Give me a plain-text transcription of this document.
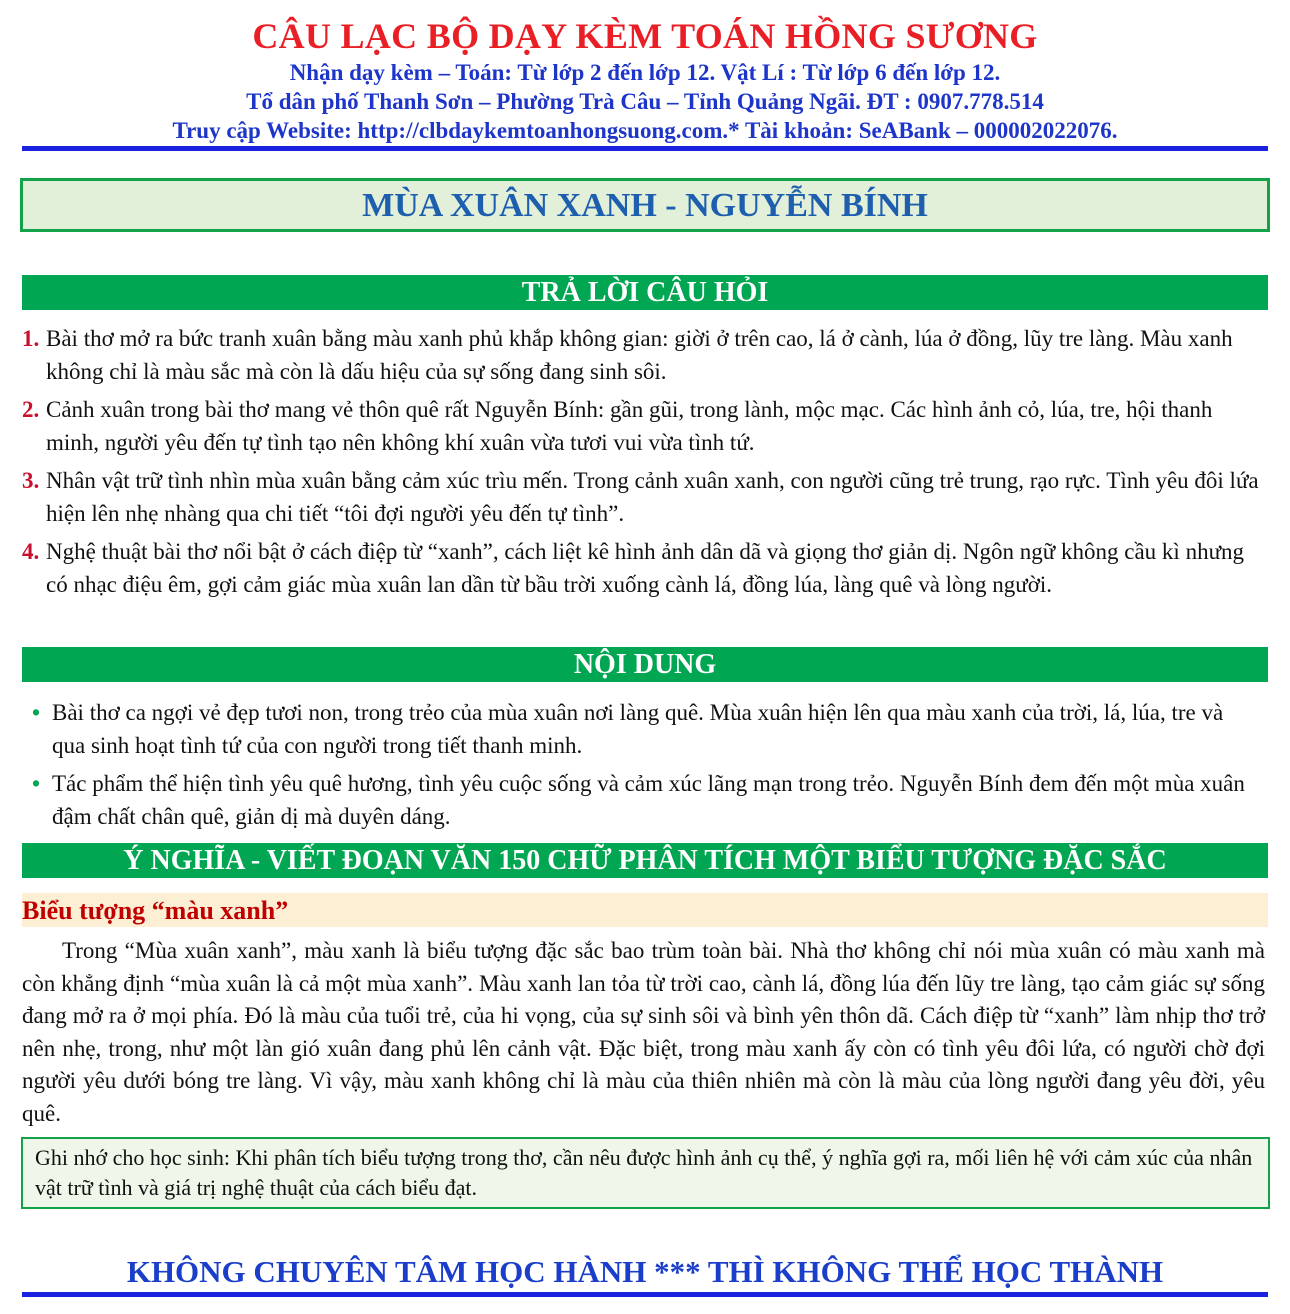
CÂU LẠC BỘ DẠY KÈM TOÁN HỒNG SƯƠNG
Nhận dạy kèm – Toán: Từ lớp 2 đến lớp 12. Vật Lí : Từ lớp 6 đến lớp 12.
Tổ dân phố Thanh Sơn – Phường Trà Câu – Tỉnh Quảng Ngãi. ĐT : 0907.778.514
Truy cập Website: http://clbdaykemtoanhongsuong.com.* Tài khoản: SeABank – 000002022076.
MÙA XUÂN XANH - NGUYỄN BÍNH
TRẢ LỜI CÂU HỎI
1. Bài thơ mở ra bức tranh xuân bằng màu xanh phủ khắp không gian: giời ở trên cao, lá ở cành, lúa ở đồng, lũy tre làng. Màu xanh không chỉ là màu sắc mà còn là dấu hiệu của sự sống đang sinh sôi.
2. Cảnh xuân trong bài thơ mang vẻ thôn quê rất Nguyễn Bính: gần gũi, trong lành, mộc mạc. Các hình ảnh cỏ, lúa, tre, hội thanh minh, người yêu đến tự tình tạo nên không khí xuân vừa tươi vui vừa tình tứ.
3. Nhân vật trữ tình nhìn mùa xuân bằng cảm xúc trìu mến. Trong cảnh xuân xanh, con người cũng trẻ trung, rạo rực. Tình yêu đôi lứa hiện lên nhẹ nhàng qua chi tiết “tôi đợi người yêu đến tự tình”.
4. Nghệ thuật bài thơ nổi bật ở cách điệp từ “xanh”, cách liệt kê hình ảnh dân dã và giọng thơ giản dị. Ngôn ngữ không cầu kì nhưng có nhạc điệu êm, gợi cảm giác mùa xuân lan dần từ bầu trời xuống cành lá, đồng lúa, làng quê và lòng người.
NỘI DUNG
• Bài thơ ca ngợi vẻ đẹp tươi non, trong trẻo của mùa xuân nơi làng quê. Mùa xuân hiện lên qua màu xanh của trời, lá, lúa, tre và qua sinh hoạt tình tứ của con người trong tiết thanh minh.
• Tác phẩm thể hiện tình yêu quê hương, tình yêu cuộc sống và cảm xúc lãng mạn trong trẻo. Nguyễn Bính đem đến một mùa xuân đậm chất chân quê, giản dị mà duyên dáng.
Ý NGHĨA - VIẾT ĐOẠN VĂN 150 CHỮ PHÂN TÍCH MỘT BIỂU TƯỢNG ĐẶC SẮC
Biểu tượng “màu xanh”
Trong “Mùa xuân xanh”, màu xanh là biểu tượng đặc sắc bao trùm toàn bài. Nhà thơ không chỉ nói mùa xuân có màu xanh mà còn khẳng định “mùa xuân là cả một mùa xanh”. Màu xanh lan tỏa từ trời cao, cành lá, đồng lúa đến lũy tre làng, tạo cảm giác sự sống đang mở ra ở mọi phía. Đó là màu của tuổi trẻ, của hi vọng, của sự sinh sôi và bình yên thôn dã. Cách điệp từ “xanh” làm nhịp thơ trở nên nhẹ, trong, như một làn gió xuân đang phủ lên cảnh vật. Đặc biệt, trong màu xanh ấy còn có tình yêu đôi lứa, có người chờ đợi người yêu dưới bóng tre làng. Vì vậy, màu xanh không chỉ là màu của thiên nhiên mà còn là màu của lòng người đang yêu đời, yêu quê.
Ghi nhớ cho học sinh: Khi phân tích biểu tượng trong thơ, cần nêu được hình ảnh cụ thể, ý nghĩa gợi ra, mối liên hệ với cảm xúc của nhân vật trữ tình và giá trị nghệ thuật của cách biểu đạt.
KHÔNG CHUYÊN TÂM HỌC HÀNH *** THÌ KHÔNG THỂ HỌC THÀNH
